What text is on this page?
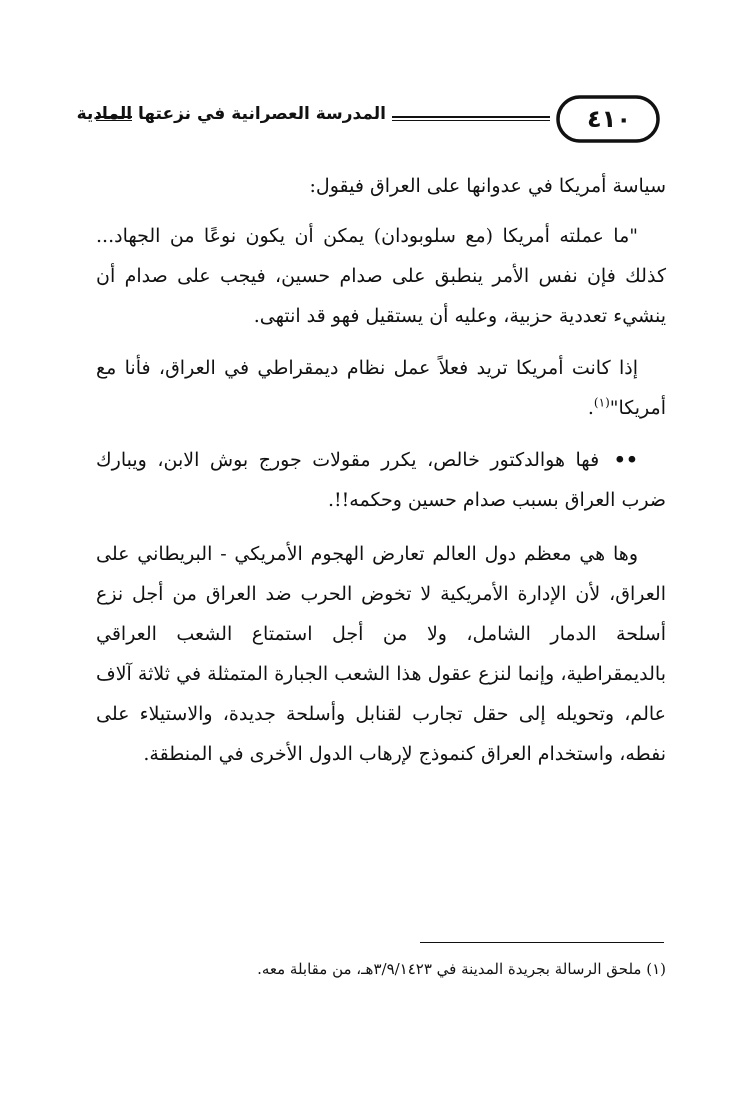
المدرسة العصرانية في نزعتها المادية	٤١٠

سياسة أمريكا في عدوانها على العراق فيقول:

"ما عملته أمريكا (مع سلوبودان) يمكن أن يكون نوعًا من الجهاد... كذلك فإن نفس الأمر ينطبق على صدام حسين، فيجب على صدام أن ينشيء تعددية حزبية، وعليه أن يستقيل فهو قد انتهى.

إذا كانت أمريكا تريد فعلاً عمل نظام ديمقراطي في العراق، فأنا مع أمريكا"$^{(١)}$.

•• فها هوالدكتور خالص، يكرر مقولات جورج بوش الابن، ويبارك ضرب العراق بسبب صدام حسين وحكمه!!.

وها هي معظم دول العالم تعارض الهجوم الأمريكي - البريطاني على العراق، لأن الإدارة الأمريكية لا تخوض الحرب ضد العراق من أجل نزع أسلحة الدمار الشامل، ولا من أجل استمتاع الشعب العراقي بالديمقراطية، وإنما لنزع عقول هذا الشعب الجبارة المتمثلة في ثلاثة آلاف عالم، وتحويله إلى حقل تجارب لقنابل وأسلحة جديدة، والاستيلاء على نفطه، واستخدام العراق كنموذج لإرهاب الدول الأخرى في المنطقة.

(١) ملحق الرسالة بجريدة المدينة في ٣/٩/١٤٢٣هـ، من مقابلة معه.
